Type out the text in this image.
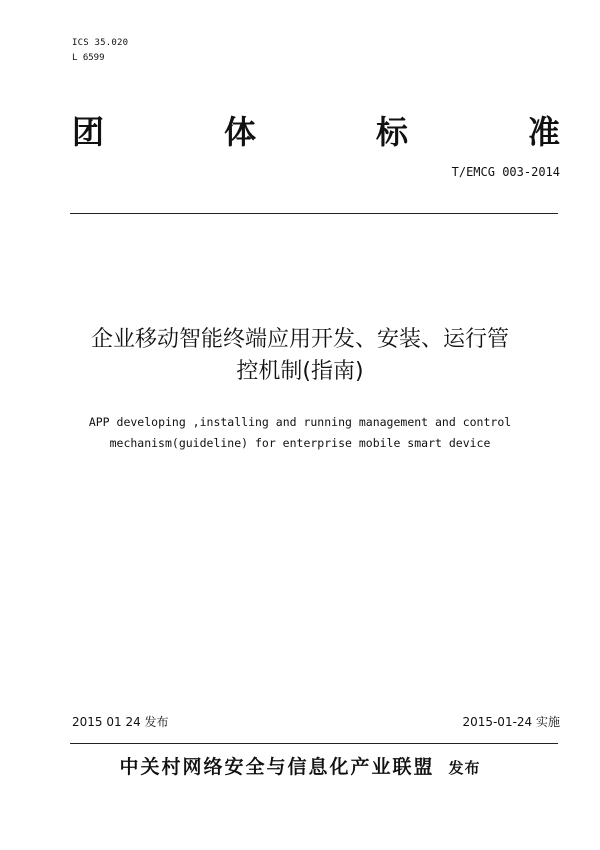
ICS 35.020
L 6599
团	体	标	准
T/EMCG 003-2014
企业移动智能终端应用开发、安装、运行管
控机制(指南)
APP developing ,installing and running management and control
mechanism(guideline) for enterprise mobile smart device
2015 01 24 发布	2015-01-24 实施
中关村网络安全与信息化产业联盟 发布
